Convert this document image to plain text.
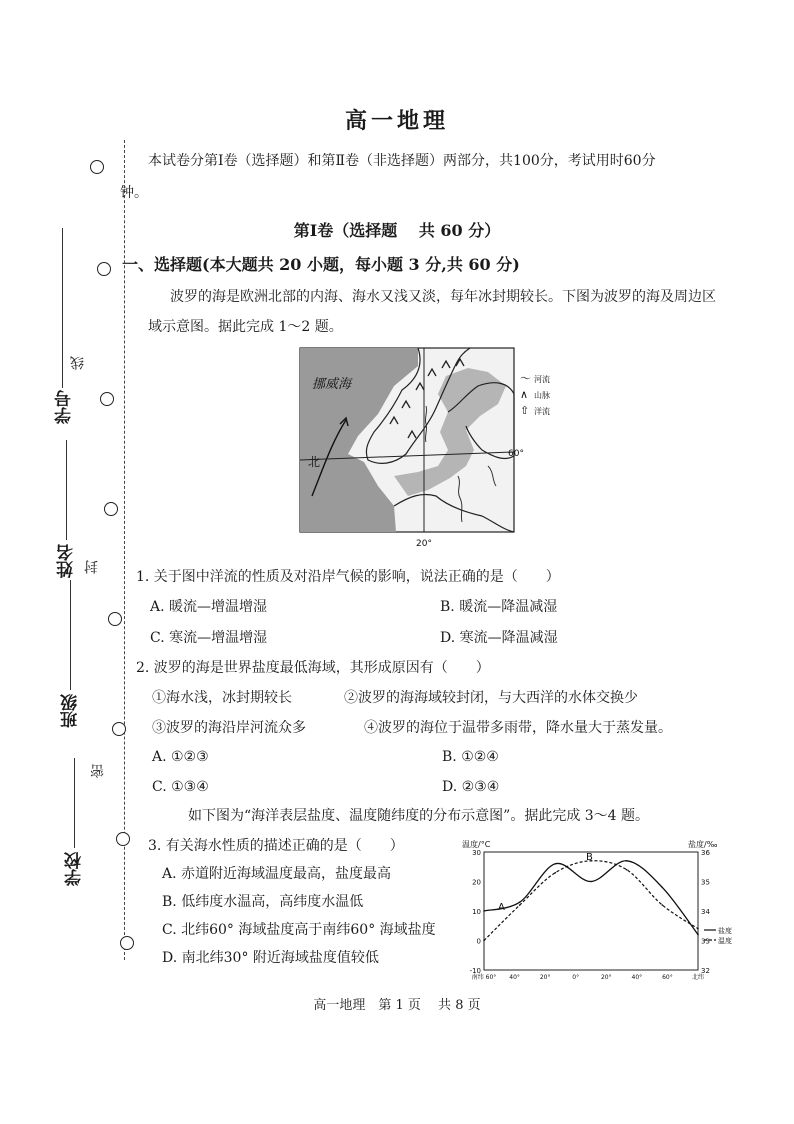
学号
姓名
班级
学校
线
封
密
高一地理
本试卷分第Ⅰ卷（选择题）和第Ⅱ卷（非选择题）两部分，共100分，考试用时60分
钟。
第Ⅰ卷（选择题　 共 60 分）
一、选择题(本大题共 20 小题，每小题 3 分,共 60 分)
波罗的海是欧洲北部的内海、海水又浅又淡，每年冰封期较长。下图为波罗的海及周边区
域示意图。据此完成 1～2 题。
挪威海
北
60°
20°
〜 河流
∧ 山脉
⇧ 洋流
1. 关于图中洋流的性质及对沿岸气候的影响，说法正确的是（　　）
A. 暖流—增温增湿	B. 暖流—降温减湿
C. 寒流—增温增湿	D. 寒流—降温减湿
2. 波罗的海是世界盐度最低海域，其形成原因有（　　）
①海水浅，冰封期较长	②波罗的海海域较封闭，与大西洋的水体交换少
③波罗的海沿岸河流众多	④波罗的海位于温带多雨带，降水量大于蒸发量。
A. ①②③	B. ①②④
C. ①③④	D. ②③④
如下图为“海洋表层盐度、温度随纬度的分布示意图”。据此完成 3～4 题。
3. 有关海水性质的描述正确的是（　　）
A. 赤道附近海域温度最高，盐度最高
B. 低纬度水温高，高纬度水温低
C. 北纬60° 海域盐度高于南纬60° 海域盐度
D. 南北纬30° 附近海域盐度值较低
温度/°C	盐度/‰
30
20
10
0
-10
36
35
34
33
32
南纬 60° 40°	20°	0°	20°	40°	60°	北纬
A
B
盐度
温度
高一地理　第 1 页　 共 8 页
